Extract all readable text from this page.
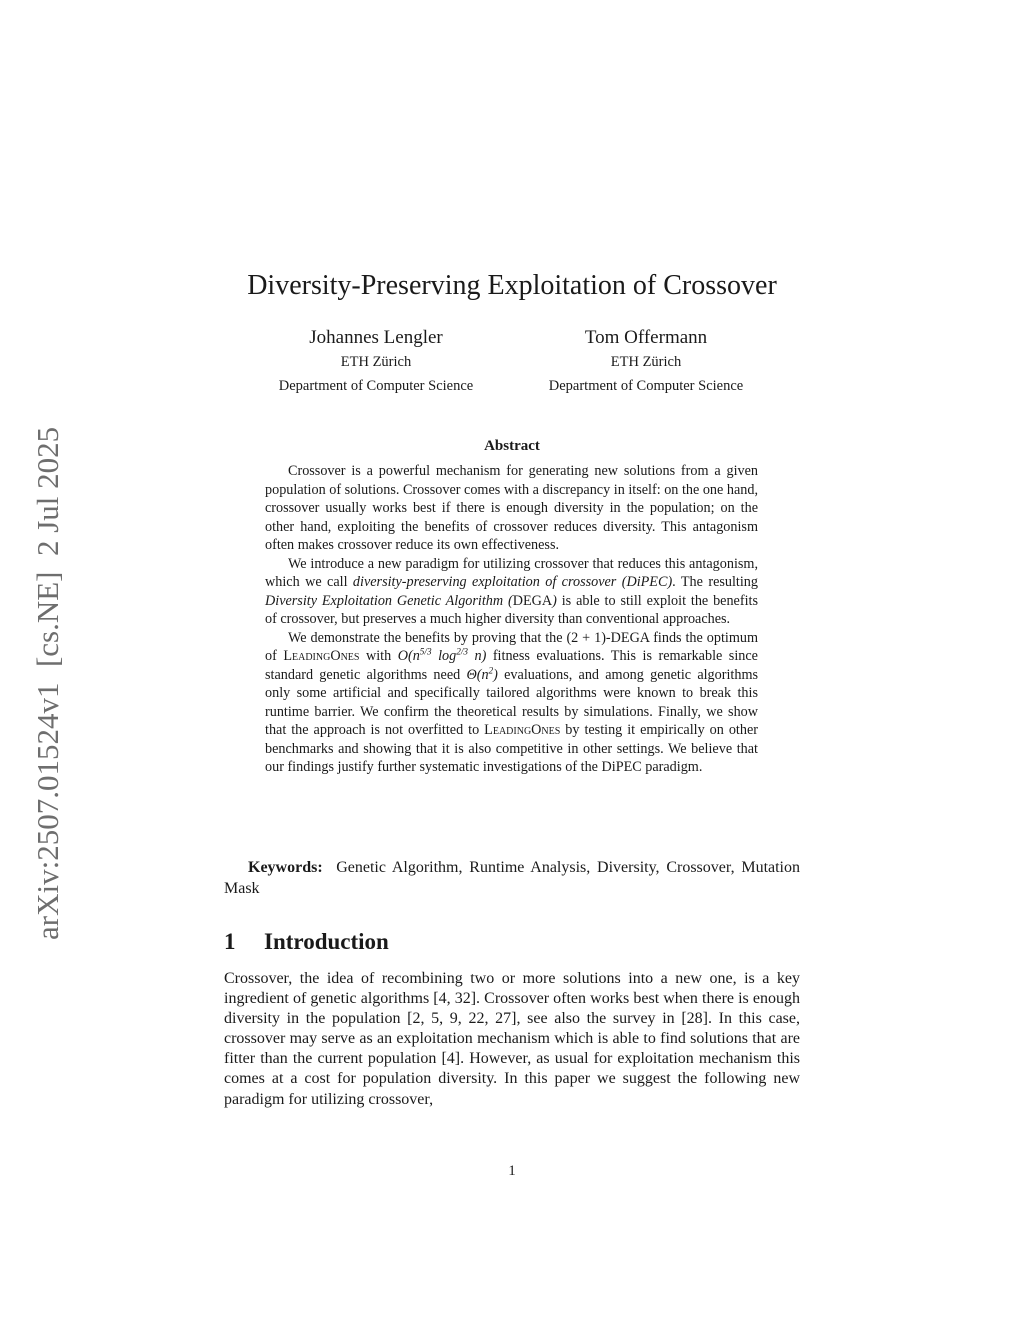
arXiv:2507.01524v1  [cs.NE]  2 Jul 2025
Diversity-Preserving Exploitation of Crossover
Johannes Lengler
ETH Zürich
Department of Computer Science
Tom Offermann
ETH Zürich
Department of Computer Science
Abstract

Crossover is a powerful mechanism for generating new solutions from a given population of solutions. Crossover comes with a discrepancy in itself: on the one hand, crossover usually works best if there is enough diversity in the population; on the other hand, exploiting the benefits of crossover reduces diversity. This antagonism often makes crossover reduce its own effectiveness.

We introduce a new paradigm for utilizing crossover that reduces this antagonism, which we call diversity-preserving exploitation of crossover (DiPEC). The resulting Diversity Exploitation Genetic Algorithm (DEGA) is able to still exploit the benefits of crossover, but preserves a much higher diversity than conventional approaches.

We demonstrate the benefits by proving that the (2 + 1)-DEGA finds the optimum of LeadingOnes with $O(n^{5/3}$ $\log^{2/3} n$) fitness evaluations. This is remarkable since standard genetic algorithms need $\Theta(n^2)$ evaluations, and among genetic algorithms only some artificial and specifically tailored algorithms were known to break this runtime barrier. We confirm the theoretical results by simulations. Finally, we show that the approach is not overfitted to LeadingOnes by testing it empirically on other benchmarks and showing that it is also competitive in other settings. We believe that our findings justify further systematic investigations of the DiPEC paradigm.

Keywords: Genetic Algorithm, Runtime Analysis, Diversity, Crossover, Mutation Mask
1 Introduction

Crossover, the idea of recombining two or more solutions into a new one, is a key ingredient of genetic algorithms [4, 32]. Crossover often works best when there is enough diversity in the population [2, 5, 9, 22, 27], see also the survey in [28]. In this case, crossover may serve as an exploitation mechanism which is able to find solutions that are fitter than the current population [4]. However, as usual for exploitation mechanism this comes at a cost for population diversity. In this paper we suggest the following new paradigm for utilizing crossover,

1
